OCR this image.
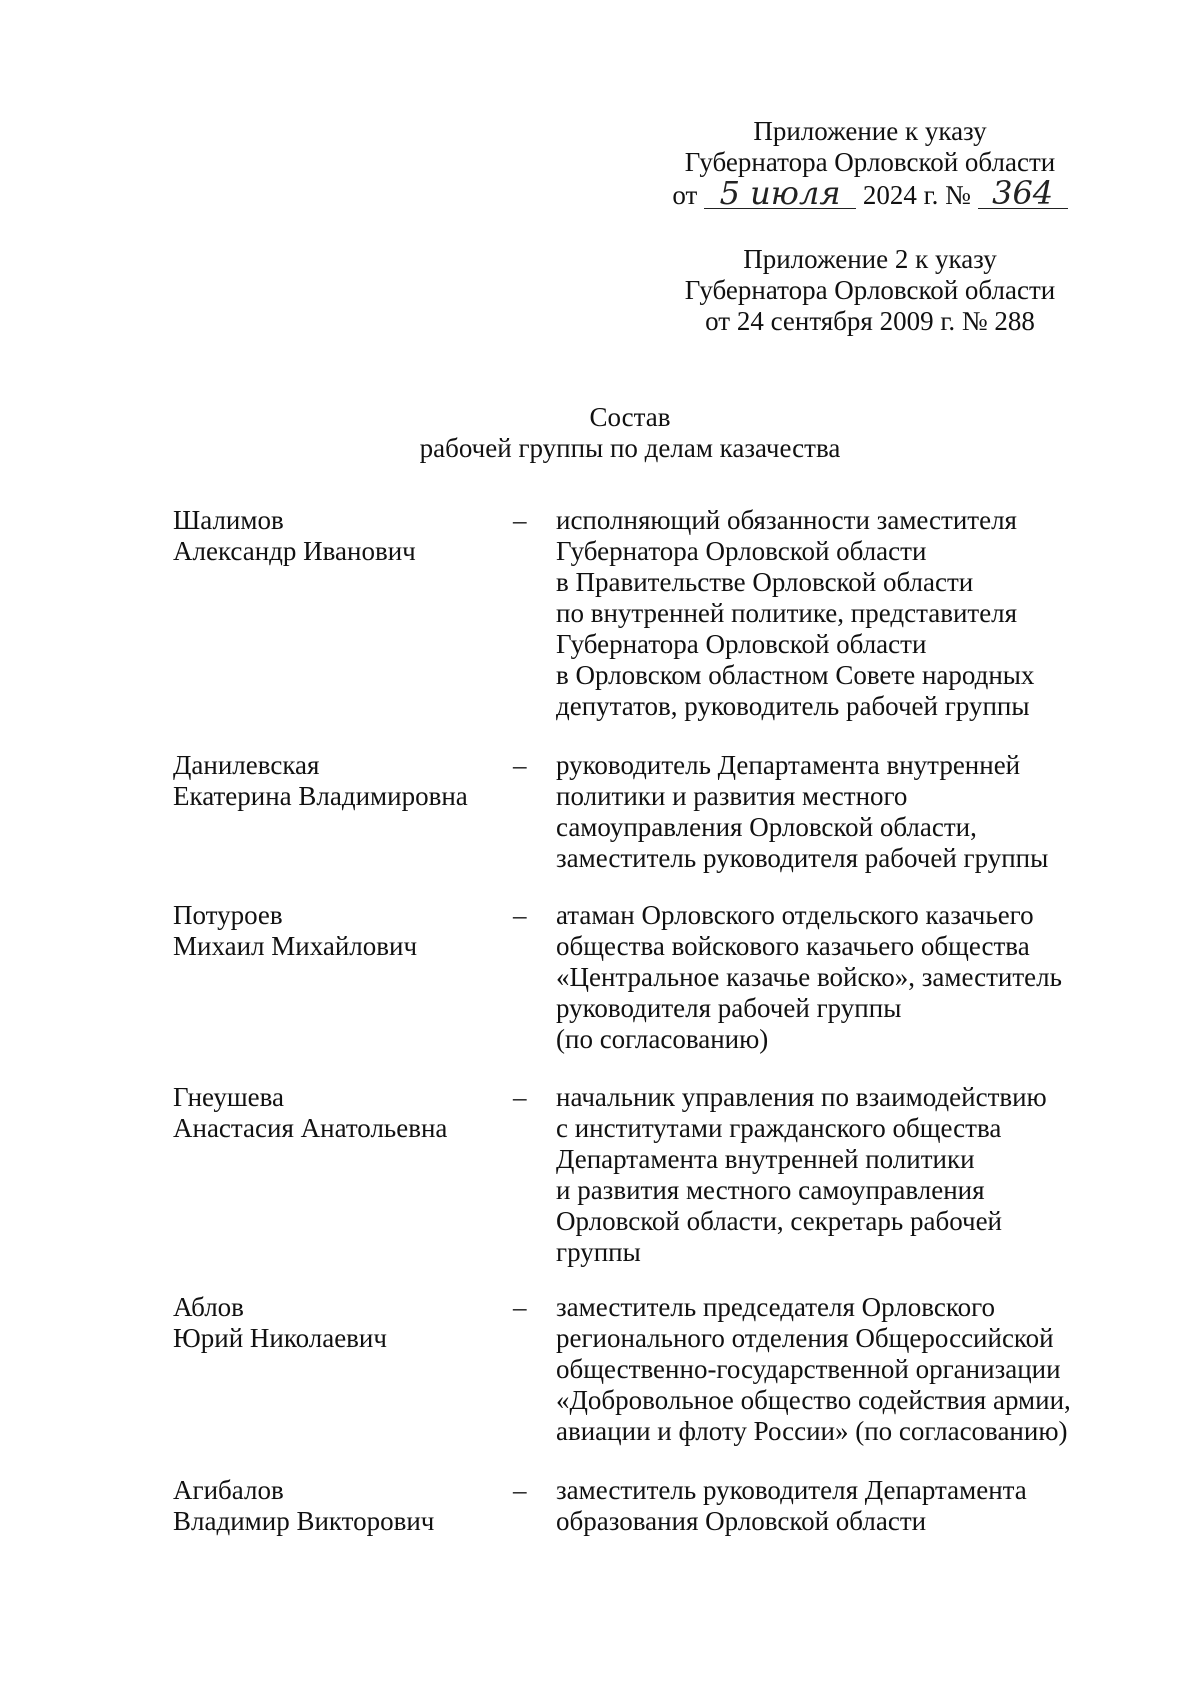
Приложение к указу
Губернатора Орловской области
от 5 июля 2024 г. № 364
Приложение 2 к указу
Губернатора Орловской области
от 24 сентября 2009 г. № 288
Состав
рабочей группы по делам казачества
Шалимов
Александр Иванович
– исполняющий обязанности заместителя
Губернатора Орловской области
в Правительстве Орловской области
по внутренней политике, представителя
Губернатора Орловской области
в Орловском областном Совете народных
депутатов, руководитель рабочей группы
Данилевская
Екатерина Владимировна
– руководитель Департамента внутренней
политики и развития местного
самоуправления Орловской области,
заместитель руководителя рабочей группы
Потуроев
Михаил Михайлович
– атаман Орловского отдельского казачьего
общества войскового казачьего общества
«Центральное казачье войско», заместитель
руководителя рабочей группы
(по согласованию)
Гнеушева
Анастасия Анатольевна
– начальник управления по взаимодействию
с институтами гражданского общества
Департамента внутренней политики
и развития местного самоуправления
Орловской области, секретарь рабочей
группы
Аблов
Юрий Николаевич
– заместитель председателя Орловского
регионального отделения Общероссийской
общественно-государственной организации
«Добровольное общество содействия армии,
авиации и флоту России» (по согласованию)
Агибалов
Владимир Викторович
– заместитель руководителя Департамента
образования Орловской области
